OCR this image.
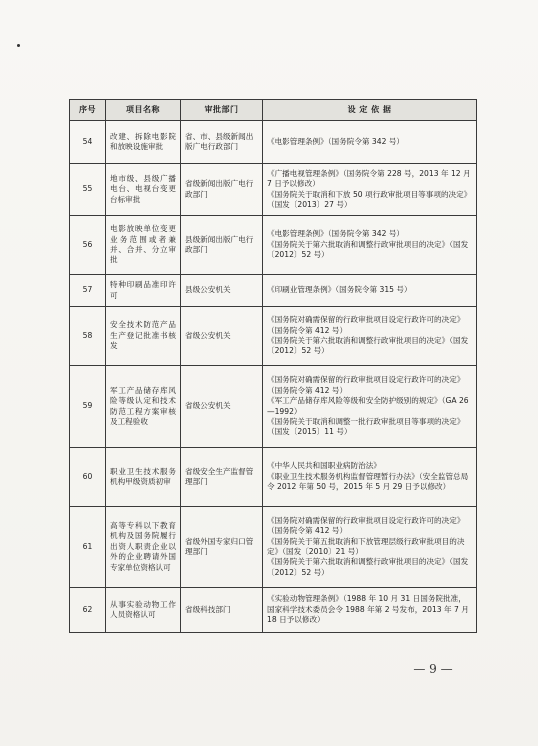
序号	项目名称	审批部门	设 定 依 据
54	改建、拆除电影院和放映设施审批	省、市、县级新闻出版广电行政部门	《电影管理条例》（国务院令第 342 号）

55	地市级、县级广播电台、电视台变更台标审批	省级新闻出版广电行政部门	《广播电视管理条例》（国务院令第 228 号，2013 年 12 月 7 日予以修改）
《国务院关于取消和下放 50 项行政审批项目等事项的决定》（国发〔2013〕27 号）

56	电影放映单位变更业务范围或者兼并、合并、分立审批	县级新闻出版广电行政部门	《电影管理条例》（国务院令第 342 号）
《国务院关于第六批取消和调整行政审批项目的决定》（国发〔2012〕52 号）

57	特种印刷品准印许可	县级公安机关	《印刷业管理条例》（国务院令第 315 号）

58	安全技术防范产品生产登记批准书核发	省级公安机关	《国务院对确需保留的行政审批项目设定行政许可的决定》（国务院令第 412 号）
《国务院关于第六批取消和调整行政审批项目的决定》（国发〔2012〕52 号）

59	军工产品储存库风险等级认定和技术防范工程方案审核及工程验收	省级公安机关	《国务院对确需保留的行政审批项目设定行政许可的决定》（国务院令第 412 号）
《军工产品储存库风险等级和安全防护级别的规定》（GA 26—1992）
《国务院关于取消和调整一批行政审批项目等事项的决定》（国发〔2015〕11 号）

60	职业卫生技术服务机构甲级资质初审	省级安全生产监督管理部门	《中华人民共和国职业病防治法》
《职业卫生技术服务机构监督管理暂行办法》（安全监管总局令 2012 年第 50 号，2015 年 5 月 29 日予以修改）

61	高等专科以下教育机构及国务院履行出资人职责企业以外的企业聘请外国专家单位资格认可	省级外国专家归口管理部门	《国务院对确需保留的行政审批项目设定行政许可的决定》（国务院令第 412 号）
《国务院关于第五批取消和下放管理层级行政审批项目的决定》（国发〔2010〕21 号）
《国务院关于第六批取消和调整行政审批项目的决定》（国发〔2012〕52 号）

62	从事实验动物工作人员资格认可	省级科技部门	《实验动物管理条例》（1988 年 10 月 31 日国务院批准，国家科学技术委员会令 1988 年第 2 号发布，2013 年 7 月 18 日予以修改）
— 9 —
